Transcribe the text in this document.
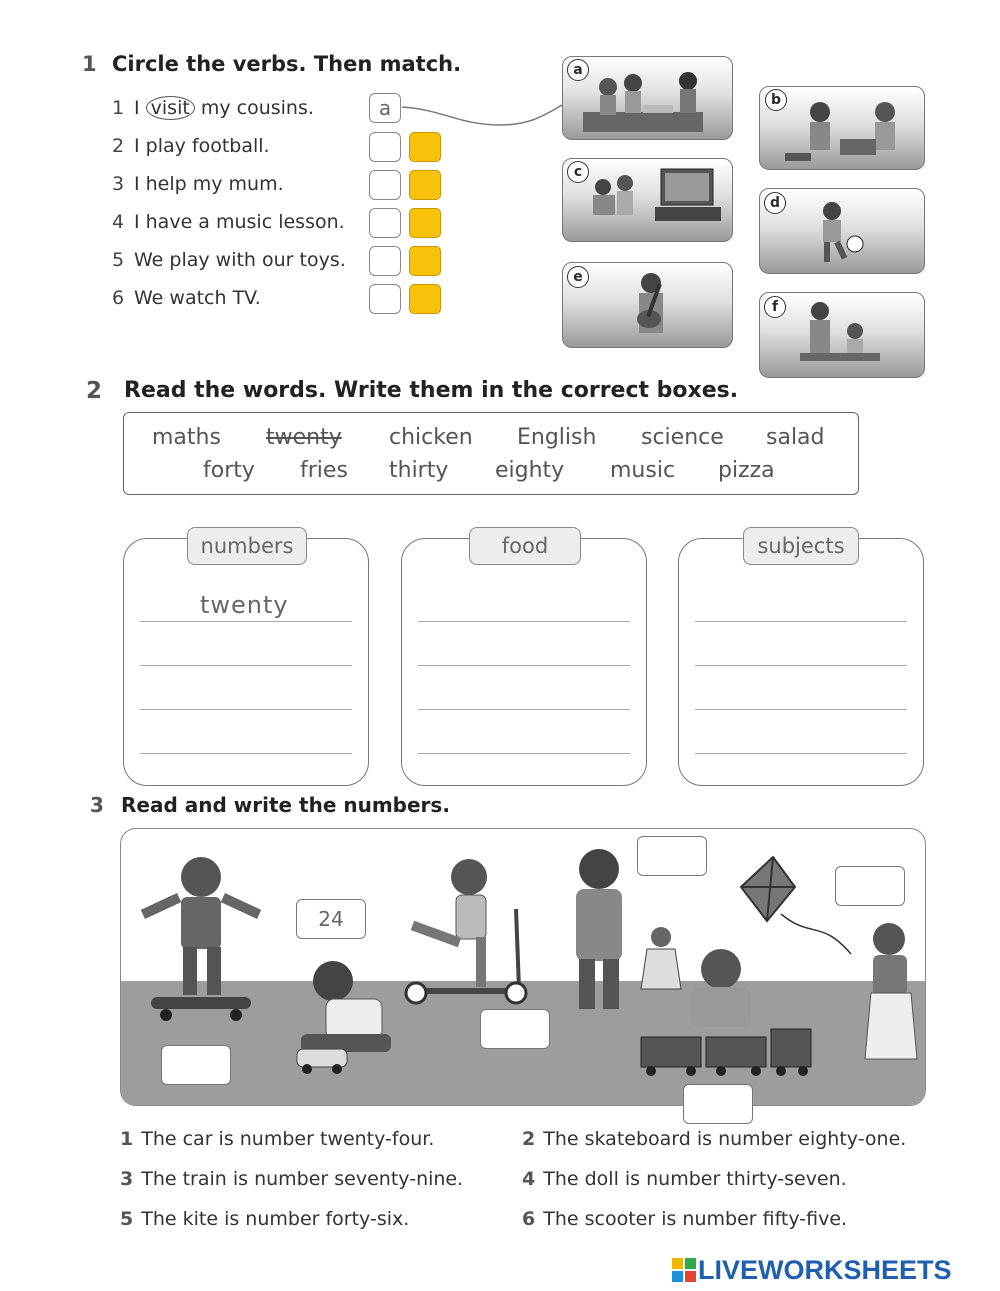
1 Circle the verbs. Then match.
1 I visit my cousins.
2 I play football.
3 I help my mum.
4 I have a music lesson.
5 We play with our toys.
6 We watch TV.
a
a
b
c
d
e
f
2 Read the words. Write them in the correct boxes.
maths twenty chicken English science salad
forty fries thirty eighty music pizza
numbers
twenty
food	subjects
3 Read and write the numbers.
24
1 The car is number twenty-four.	2 The skateboard is number eighty-one.
3 The train is number seventy-nine.	4 The doll is number thirty-seven.
5 The kite is number forty-six.	6 The scooter is number fifty-five.
LIVEWORKSHEETS
